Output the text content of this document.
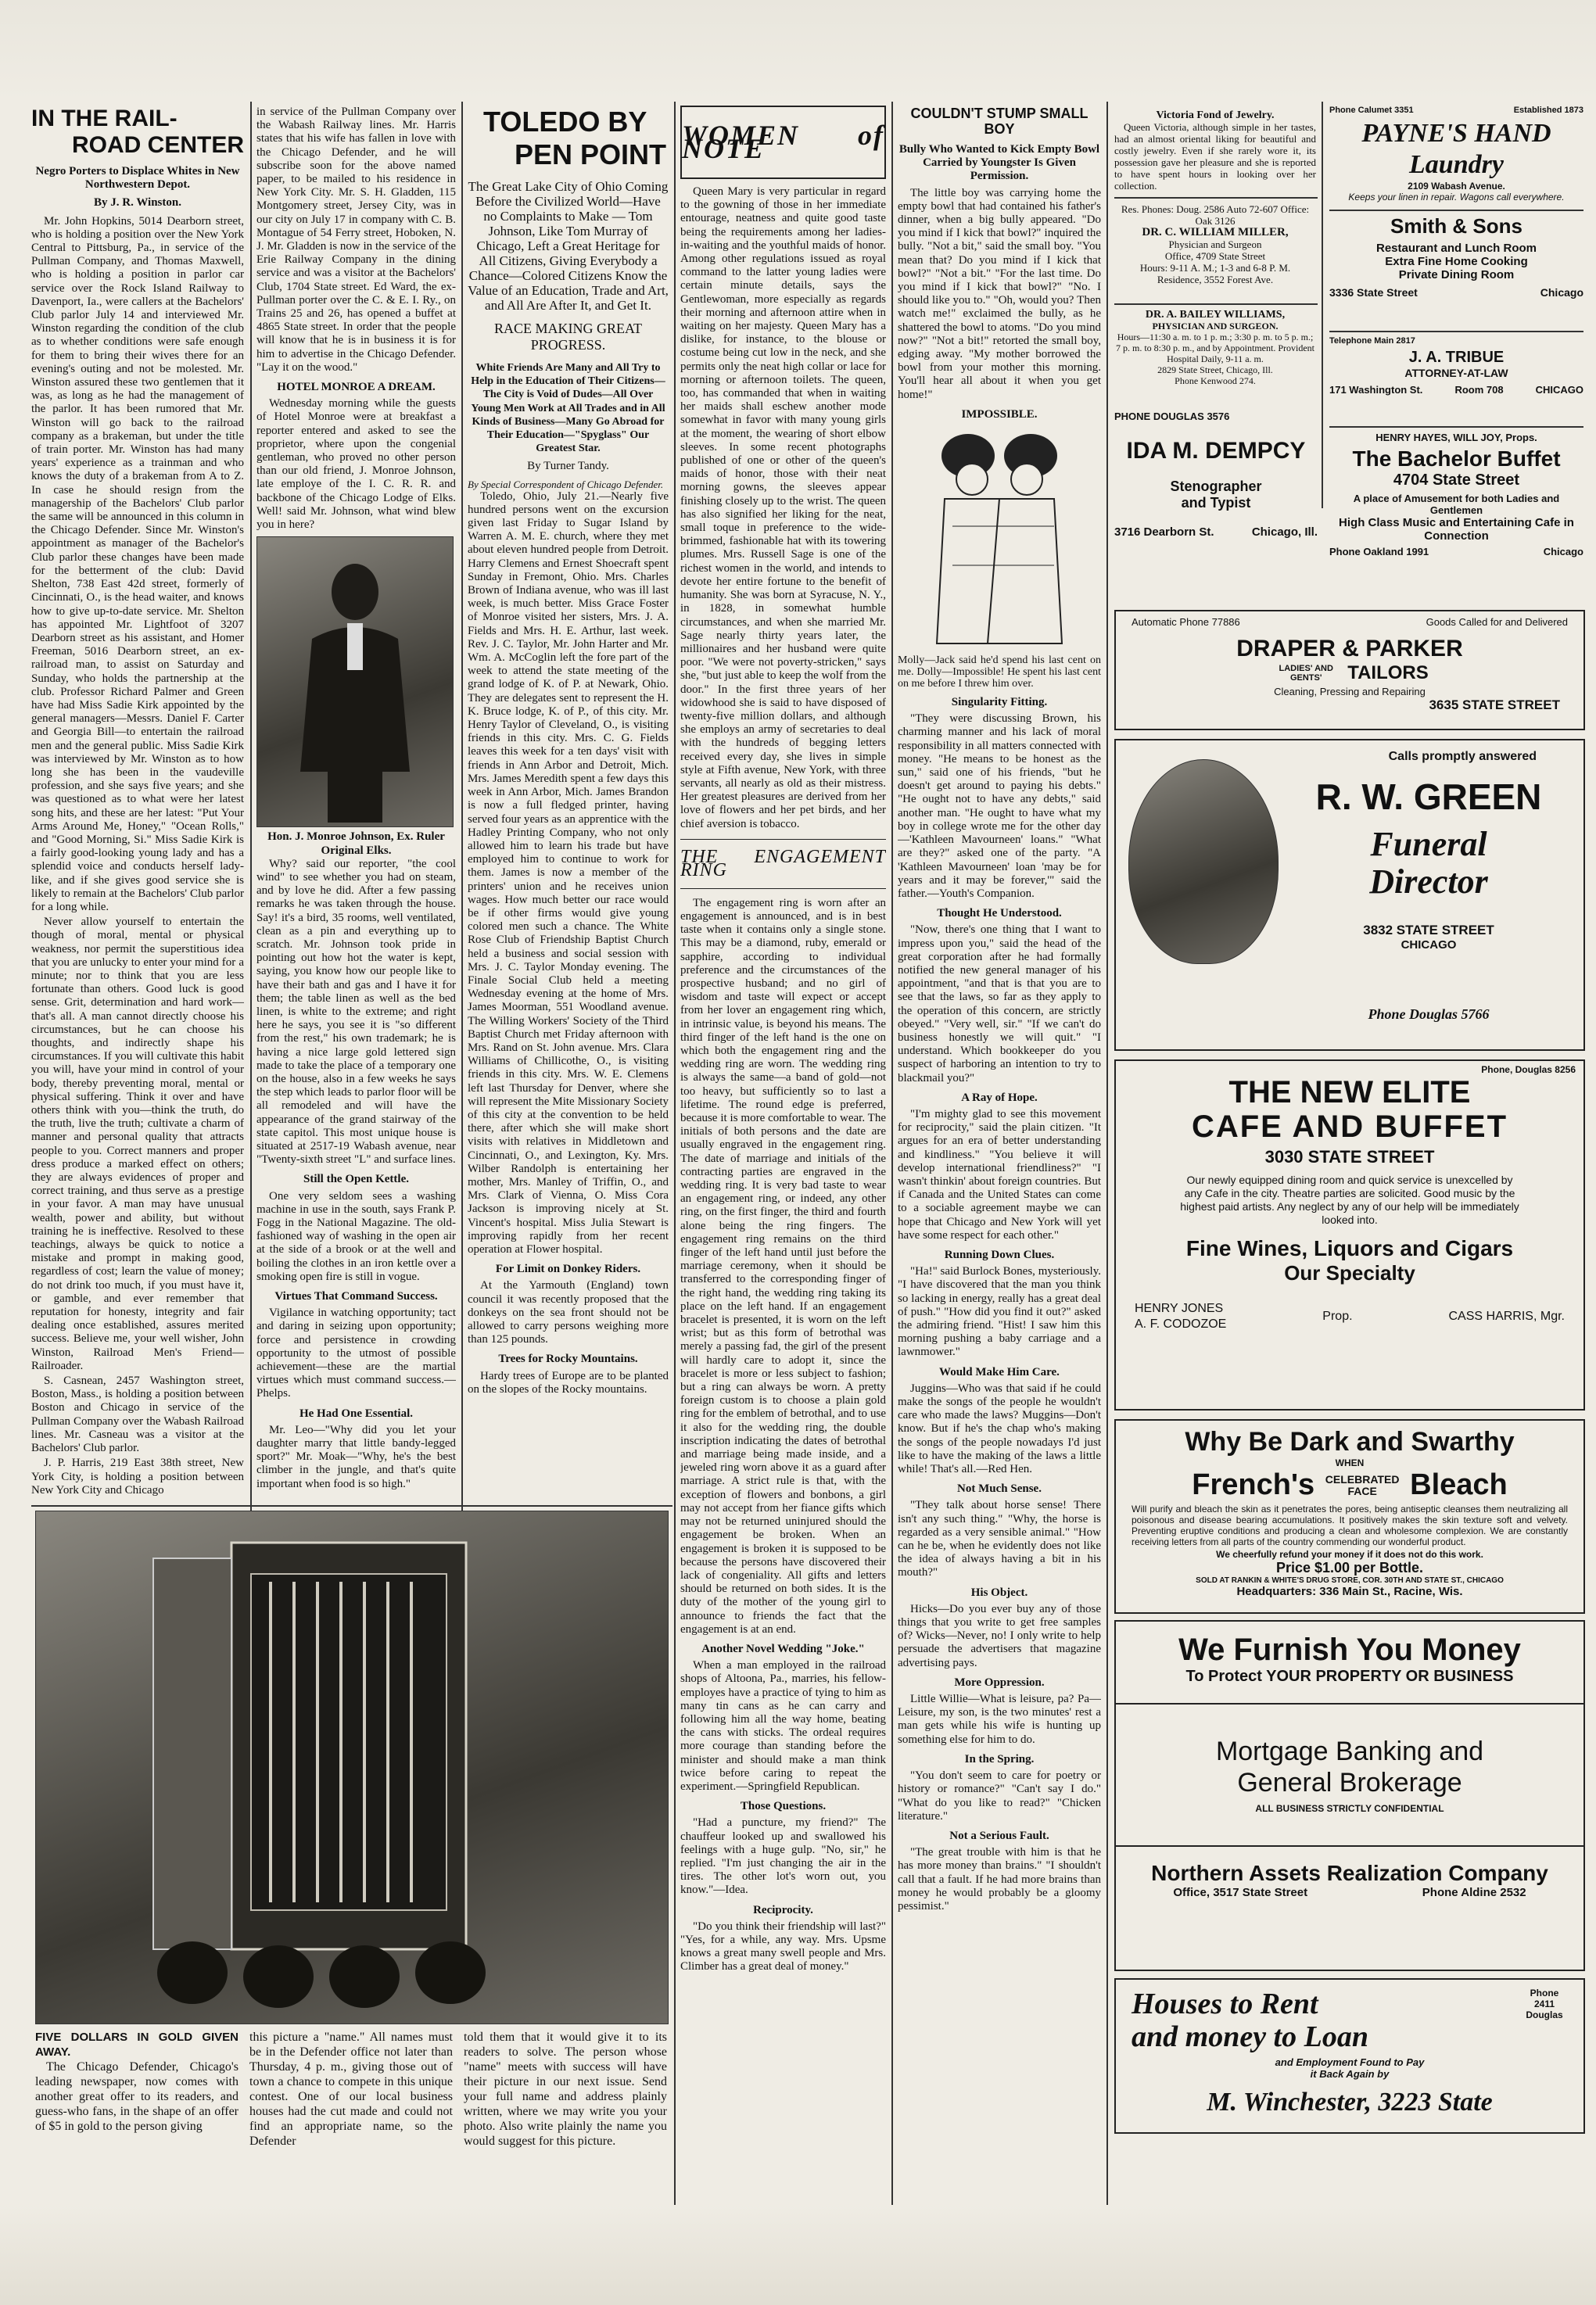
IN THE RAIL-
ROAD CENTER
Negro Porters to Displace Whites in New Northwestern Depot.
By J. R. Winston.

Mr. John Hopkins, 5014 Dearborn street, who is holding a position over the New York Central to Pittsburg, Pa., in service of the Pullman Company, and Thomas Maxwell, who is holding a position in parlor car service over the Rock Island Railway to Davenport, Ia., were callers at the Bachelors' Club parlor July 14 and interviewed Mr. Winston regarding the condition of the club as to whether conditions were safe enough for them to bring their wives there for an evening's outing and not be molested. Mr. Winston assured these two gentlemen that it was, as long as he had the management of the parlor. It has been rumored that Mr. Winston will go back to the railroad company as a brakeman, but under the title of train porter. Mr. Winston has had many years' experience as a trainman and who knows the duty of a brakeman from A to Z. In case he should resign from the managership of the Bachelors' Club parlor the same will be announced in this column in the Chicago Defender. Since Mr. Winston's appointment as manager of the Bachelor's Club parlor these changes have been made for the betterment of the club: David Shelton, 738 East 42d street, formerly of Cincinnati, O., is the head waiter, and knows how to give up-to-date service. Mr. Shelton has appointed Mr. Lightfoot of 3207 Dearborn street as his assistant, and Homer Freeman, 5016 Dearborn street, an ex-railroad man, to assist on Saturday and Sunday, who holds the partnership at the club. Professor Richard Palmer and Green have had Miss Sadie Kirk appointed by the general managers—Messrs. Daniel F. Carter and Georgia Bill—to entertain the railroad men and the general public. Miss Sadie Kirk was interviewed by Mr. Winston as to how long she has been in the vaudeville profession, and she says five years; and she was questioned as to what were her latest song hits, and these are her latest: "Put Your Arms Around Me, Honey," "Ocean Rolls," and "Good Morning, Si." Miss Sadie Kirk is a fairly good-looking young lady and has a splendid voice and conducts herself lady-like, and if she gives good service she is likely to remain at the Bachelors' Club parlor for a long while.

Never allow yourself to entertain the though of moral, mental or physical weakness, nor permit the superstitious idea that you are unlucky to enter your mind for a minute; nor to think that you are less fortunate than others. Good luck is good sense. Grit, determination and hard work—that's all. A man cannot directly choose his circumstances, but he can choose his thoughts, and indirectly shape his circumstances. If you will cultivate this habit you will, have your mind in control of your body, thereby preventing moral, mental or physical suffering. Think it over and have others think with you—think the truth, do the truth, live the truth; cultivate a charm of manner and personal quality that attracts people to you. Correct manners and proper dress produce a marked effect on others; they are always evidences of proper and correct training, and thus serve as a prestige in your favor. A man may have unusual wealth, power and ability, but without training he is ineffective. Resolved to these teachings, always be quick to notice a mistake and prompt in making good, regardless of cost; learn the value of money; do not drink too much, if you must have it, or gamble, and ever remember that reputation for honesty, integrity and fair dealing once established, assures merited success. Believe me, your well wisher, John Winston, Railroad Men's Friend—Railroader.

S. Casnean, 2457 Washington street, Boston, Mass., is holding a position between Boston and Chicago in service of the Pullman Company over the Wabash Railroad lines. Mr. Casneau was a visitor at the Bachelors' Club parlor.

J. P. Harris, 219 East 38th street, New York City, is holding a position between New York City and Chicago

in service of the Pullman Company over the Wabash Railway lines. Mr. Harris states that his wife has fallen in love with the Chicago Defender, and he will subscribe soon for the above named paper, to be mailed to his residence in New York City. Mr. S. H. Gladden, 115 Montgomery street, Jersey City, was in our city on July 17 in company with C. B. Montague of 54 Ferry street, Hoboken, N. J. Mr. Gladden is now in the service of the Erie Railway Company in the dining service and was a visitor at the Bachelors' Club, 1704 State street. Ed Ward, the ex-Pullman porter over the C. & E. I. Ry., on Trains 25 and 26, has opened a buffet at 4865 State street. In order that the people will know that he is in business it is for him to advertise in the Chicago Defender. "Lay it on the wood."

HOTEL MONROE A DREAM.

Wednesday morning while the guests of Hotel Monroe were at breakfast a reporter entered and asked to see the proprietor, where upon the congenial gentleman, who proved no other person than our old friend, J. Monroe Johnson, late employe of the I. C. R. R. and backbone of the Chicago Lodge of Elks. Well! said Mr. Johnson, what wind blew you in here?

Hon. J. Monroe Johnson, Ex. Ruler Original Elks.

Why? said our reporter, "the cool wind" to see whether you had on steam, and by love he did. After a few passing remarks he was taken through the house. Say! it's a bird, 35 rooms, well ventilated, clean as a pin and everything up to scratch. Mr. Johnson took pride in pointing out how hot the water is kept, saying, you know how our people like to have their bath and gas and I have it for them; the table linen as well as the bed linen, is white to the extreme; and right here he says, you see it is "so different from the rest," his own trademark; he is having a nice large gold lettered sign made to take the place of a temporary one on the house, also in a few weeks he says the step which leads to parlor floor will be all remodeled and will have the appearance of the grand stairway of the state capitol. This most unique house is situated at 2517-19 Wabash avenue, near "Twenty-sixth street "L" and surface lines.

Still the Open Kettle.

One very seldom sees a washing machine in use in the south, says Frank P. Fogg in the National Magazine. The old-fashioned way of washing in the open air at the side of a brook or at the well and boiling the clothes in an iron kettle over a smoking open fire is still in vogue.

Virtues That Command Success.

Vigilance in watching opportunity; tact and daring in seizing upon opportunity; force and persistence in crowding opportunity to the utmost of possible achievement—these are the martial virtues which must command success.—Phelps.

He Had One Essential.

Mr. Leo—"Why did you let your daughter marry that little bandy-legged sport?" Mr. Moak—"Why, he's the best climber in the jungle, and that's quite important when food is so high."

TOLEDO BY
PEN POINT
The Great Lake City of Ohio Coming Before the Civilized World—Have no Complaints to Make — Tom Johnson, Like Tom Murray of Chicago, Left a Great Heritage for All Citizens, Giving Everybody a Chance—Colored Citizens Know the Value of an Education, Trade and Art, and All Are After It, and Get It.
RACE MAKING GREAT PROGRESS.
White Friends Are Many and All Try to Help in the Education of Their Citizens—The City is Void of Dudes—All Over Young Men Work at All Trades and in All Kinds of Business—Many Go Abroad for Their Education—"Spyglass" Our Greatest Star.
By Turner Tandy.
By Special Correspondent of Chicago Defender.

Toledo, Ohio, July 21.—Nearly five hundred persons went on the excursion given last Friday to Sugar Island by Warren A. M. E. church, where they met about eleven hundred people from Detroit. Harry Clemens and Ernest Shoecraft spent Sunday in Fremont, Ohio. Mrs. Charles Brown of Indiana avenue, who was ill last week, is much better. Miss Grace Foster of Monroe visited her sisters, Mrs. J. A. Fields and Mrs. H. E. Arthur, last week. Rev. J. C. Taylor, Mr. John Harter and Mr. Wm. A. McCoglin left the fore part of the week to attend the state meeting of the grand lodge of K. of P. at Newark, Ohio. They are delegates sent to represent the H. K. Bruce lodge, K. of P., of this city. Mr. Henry Taylor of Cleveland, O., is visiting friends in this city. Mrs. C. G. Fields leaves this week for a ten days' visit with friends in Ann Arbor and Detroit, Mich. Mrs. James Meredith spent a few days this week in Ann Arbor, Mich. James Brandon is now a full fledged printer, having served four years as an apprentice with the Hadley Printing Company, who not only allowed him to learn his trade but have employed him to continue to work for them. James is now a member of the printers' union and he receives union wages. How much better our race would be if other firms would give young colored men such a chance. The White Rose Club of Friendship Baptist Church held a business and social session with Mrs. J. C. Taylor Monday evening. The Finale Social Club held a meeting Wednesday evening at the home of Mrs. James Moorman, 551 Woodland avenue. The Willing Workers' Society of the Third Baptist Church met Friday afternoon with Mrs. Rand on St. John avenue. Mrs. Clara Williams of Chillicothe, O., is visiting friends in this city. Mrs. W. E. Clemens left last Thursday for Denver, where she will represent the Mite Missionary Society of this city at the convention to be held there, after which she will make short visits with relatives in Middletown and Cincinnati, O., and Lexington, Ky. Mrs. Wilber Randolph is entertaining her mother, Mrs. Manley of Triffin, O., and Mrs. Clark of Vienna, O. Miss Cora Jackson is improving nicely at St. Vincent's hospital. Miss Julia Stewart is improving rapidly from her recent operation at Flower hospital.

For Limit on Donkey Riders.

At the Yarmouth (England) town council it was recently proposed that the donkeys on the sea front should not be allowed to carry persons weighing more than 125 pounds.

Trees for Rocky Mountains.

Hardy trees of Europe are to be planted on the slopes of the Rocky mountains.

WOMEN of NOTE

Queen Mary is very particular in regard to the gowning of those in her immediate entourage, neatness and quite good taste being the requirements among her ladies-in-waiting and the youthful maids of honor. Among other regulations issued as royal command to the latter young ladies were certain minute details, says the Gentlewoman, more especially as regards their morning and afternoon attire when in waiting on her majesty. Queen Mary has a dislike, for instance, to the blouse or costume being cut low in the neck, and she permits only the neat high collar or lace for morning or afternoon toilets. The queen, too, has commanded that when in waiting her maids shall eschew another mode somewhat in favor with many young girls at the moment, the wearing of short elbow sleeves. In some recent photographs published of one or other of the queen's maids of honor, those with their neat morning gowns, the sleeves appear finishing closely up to the wrist. The queen has also signified her liking for the neat, small toque in preference to the wide-brimmed, fashionable hat with its towering plumes. Mrs. Russell Sage is one of the richest women in the world, and intends to devote her entire fortune to the benefit of humanity. She was born at Syracuse, N. Y., in 1828, in somewhat humble circumstances, and when she married Mr. Sage nearly thirty years later, the millionaires and her husband were quite poor. "We were not poverty-stricken," says she, "but just able to keep the wolf from the door." In the first three years of her widowhood she is said to have disposed of twenty-five million dollars, and although she employs an army of secretaries to deal with the hundreds of begging letters received every day, she lives in simple style at Fifth avenue, New York, with three servants, all nearly as old as their mistress. Her greatest pleasures are derived from her love of flowers and her pet birds, and her chief aversion is tobacco.

THE ENGAGEMENT RING

The engagement ring is worn after an engagement is announced, and is in best taste when it contains only a single stone. This may be a diamond, ruby, emerald or sapphire, according to individual preference and the circumstances of the prospective husband; and no girl of wisdom and taste will expect or accept from her lover an engagement ring which, in intrinsic value, is beyond his means. The third finger of the left hand is the one on which both the engagement ring and the wedding ring are worn. The wedding ring is always the same—a band of gold—not too heavy, but sufficiently so to last a lifetime. The round edge is preferred, because it is more comfortable to wear. The initials of both persons and the date are usually engraved in the engagement ring. The date of marriage and initials of the contracting parties are engraved in the wedding ring. It is very bad taste to wear an engagement ring, or indeed, any other ring, on the first finger, the third and fourth alone being the ring fingers. The engagement ring remains on the third finger of the left hand until just before the marriage ceremony, when it should be transferred to the corresponding finger of the right hand, the wedding ring taking its place on the left hand. If an engagement bracelet is presented, it is worn on the left wrist; but as this form of betrothal was merely a passing fad, the girl of the present will hardly care to adopt it, since the bracelet is more or less subject to fashion; but a ring can always be worn. A pretty foreign custom is to choose a plain gold ring for the emblem of betrothal, and to use it also for the wedding ring, the double inscription indicating the dates of betrothal and marriage being made inside, and a jeweled ring worn above it as a guard after marriage. A strict rule is that, with the exception of flowers and bonbons, a girl may not accept from her fiance gifts which may not be returned uninjured should the engagement be broken. When an engagement is broken it is supposed to be because the persons have discovered their lack of congeniality. All gifts and letters should be returned on both sides. It is the duty of the mother of the young girl to announce to friends the fact that the engagement is at an end.

Another Novel Wedding "Joke."

When a man employed in the railroad shops of Altoona, Pa., marries, his fellow-employes have a practice of tying to him as many tin cans as he can carry and following him all the way home, beating the cans with sticks. The ordeal requires more courage than standing before the minister and should make a man think twice before caring to repeat the experiment.—Springfield Republican.

Those Questions.

"Had a puncture, my friend?" The chauffeur looked up and swallowed his feelings with a huge gulp. "No, sir," he replied. "I'm just changing the air in the tires. The other lot's worn out, you know."—Idea.

Reciprocity.

"Do you think their friendship will last?" "Yes, for a while, any way. Mrs. Upsme knows a great many swell people and Mrs. Climber has a great deal of money."

COULDN'T STUMP SMALL BOY
Bully Who Wanted to Kick Empty Bowl Carried by Youngster Is Given Permission.

The little boy was carrying home the empty bowl that had contained his father's dinner, when a big bully appeared. "Do you mind if I kick that bowl?" inquired the bully. "Not a bit," said the small boy. "You mean that? Do you mind if I kick that bowl?" "Not a bit." "For the last time. Do you mind if I kick that bowl?" "No. I should like you to." "Oh, would you? Then watch me!" exclaimed the bully, as he shattered the bowl to atoms. "Do you mind now?" "Not a bit!" retorted the small boy, edging away. "My mother borrowed the bowl from your mother this morning. You'll hear all about it when you get home!"

IMPOSSIBLE.
Molly—Jack said he'd spend his last cent on me. Dolly—Impossible! He spent his last cent on me before I threw him over.
Singularity Fitting.

"They were discussing Brown, his charming manner and his lack of moral responsibility in all matters connected with money. "He means to be honest as the sun," said one of his friends, "but he doesn't get around to paying his debts." "He ought not to have any debts," said another man. "He ought to have what my boy in college wrote me for the other day—'Kathleen Mavourneen' loans." "What are they?" asked one of the party. "A 'Kathleen Mavourneen' loan 'may be for years and it may be forever,'" said the father.—Youth's Companion.

Thought He Understood.

"Now, there's one thing that I want to impress upon you," said the head of the great corporation after he had formally notified the new general manager of his appointment, "and that is that you are to see that the laws, so far as they apply to the operation of this concern, are strictly obeyed." "Very well, sir." "If we can't do business honestly we will quit." "I understand. Which bookkeeper do you suspect of harboring an intention to try to blackmail you?"

A Ray of Hope.

"I'm mighty glad to see this movement for reciprocity," said the plain citizen. "It argues for an era of better understanding and kindliness." "You believe it will develop international friendliness?" "I wasn't thinkin' about foreign countries. But if Canada and the United States can come to a sociable agreement maybe we can hope that Chicago and New York will yet have some respect for each other."

Running Down Clues.

"Ha!" said Burlock Bones, mysteriously. "I have discovered that the man you think so lacking in energy, really has a great deal of push." "How did you find it out?" asked the admiring friend. "Hist! I saw him this morning pushing a baby carriage and a lawnmower."

Would Make Him Care.

Juggins—Who was that said if he could make the songs of the people he wouldn't care who made the laws? Muggins—Don't know. But if he's the chap who's making the songs of the people nowadays I'd just like to have the making of the laws a little while! That's all.—Red Hen.

Not Much Sense.

"They talk about horse sense! There isn't any such thing." "Why, the horse is regarded as a very sensible animal." "How can he be, when he evidently does not like the idea of always having a bit in his mouth?"

His Object.

Hicks—Do you ever buy any of those things that you write to get free samples of? Wicks—Never, no! I only write to help persuade the advertisers that magazine advertising pays.

More Oppression.

Little Willie—What is leisure, pa? Pa—Leisure, my son, is the two minutes' rest a man gets while his wife is hunting up something else for him to do.

In the Spring.

"You don't seem to care for poetry or history or romance?" "Can't say I do." "What do you like to read?" "Chicken literature."

Not a Serious Fault.

"The great trouble with him is that he has more money than brains." "I shouldn't call that a fault. If he had more brains than money he would probably be a gloomy pessimist."

Victoria Fond of Jewelry.
Queen Victoria, although simple in her tastes, had an almost oriental liking for beautiful and costly jewelry. Even if she rarely wore it, its possession gave her pleasure and she is reported to have spent hours in looking over her collection.
Res. Phones: Doug. 2586 Auto 72-607 Office: Oak 3126
DR. C. WILLIAM MILLER,
Physician and Surgeon
Office, 4709 State Street
Hours: 9-11 A. M.; 1-3 and 6-8 P. M.
Residence, 3552 Forest Ave.
DR. A. BAILEY WILLIAMS,
PHYSICIAN AND SURGEON.
Hours—11:30 a. m. to 1 p. m.; 3:30 p. m. to 5 p. m.; 7 p. m. to 8:30 p. m., and by Appointment. Provident Hospital Daily, 9-11 a. m.
2829 State Street, Chicago, Ill.
Phone Kenwood 274.
PHONE DOUGLAS 3576
IDA M. DEMPCY
Stenographer
and Typist
3716 Dearborn St.	Chicago, Ill.
Phone Calumet 3351	Established 1873
PAYNE'S HAND Laundry
2109 Wabash Avenue.
Keeps your linen in repair. Wagons call everywhere.
Smith & Sons
Restaurant and Lunch Room
Extra Fine Home Cooking
Private Dining Room
3336 State Street	Chicago
Telephone Main 2817
J. A. TRIBUE
ATTORNEY-AT-LAW
171 Washington St.	Room 708	CHICAGO
HENRY HAYES, WILL JOY, Props.
The Bachelor Buffet
4704 State Street
A place of Amusement for both Ladies and Gentlemen
High Class Music and Entertaining Cafe in Connection
Phone Oakland 1991	Chicago
Automatic Phone 77886	Goods Called for and Delivered
DRAPER & PARKER
LADIES' AND GENTS'	TAILORS
Cleaning, Pressing and Repairing
3635 STATE STREET
Calls promptly answered
R. W. GREEN
Funeral
Director
3832 STATE STREET
CHICAGO
Phone Douglas 5766
Phone, Douglas 8256
THE NEW ELITE
CAFE AND BUFFET
3030 STATE STREET
Our newly equipped dining room and quick service is unexcelled by any Cafe in the city. Theatre parties are solicited. Good music by the highest paid artists. Any neglect by any of our help will be immediately looked into.
Fine Wines, Liquors and Cigars
Our Specialty
HENRY JONES
A. F. CODOZOE
Prop.	CASS HARRIS, Mgr.
Why Be Dark and Swarthy
WHEN
French's CELEBRATED FACE	Bleach
Will purify and bleach the skin as it penetrates the pores, being antiseptic cleanses them neutralizing all poisonous and disease bearing accumulations. It positively makes the skin texture soft and velvety. Preventing eruptive conditions and producing a clean and wholesome complexion. We are constantly receiving letters from all parts of the country commending our wonderful product.
We cheerfully refund your money if it does not do this work.
Price $1.00 per Bottle.
SOLD AT RANKIN & WHITE'S DRUG STORE, COR. 30TH AND STATE ST., CHICAGO
Headquarters: 336 Main St., Racine, Wis.
We Furnish You Money
To Protect YOUR PROPERTY OR BUSINESS
Mortgage Banking and
General Brokerage
ALL BUSINESS STRICTLY CONFIDENTIAL
Northern Assets Realization Company
Office, 3517 State Street	Phone Aldine 2532
Houses to Rent
and money to Loan
Phone 2411 Douglas
and Employment Found to Pay it Back Again by
M. Winchester, 3223 State
FIVE DOLLARS IN GOLD GIVEN AWAY.
The Chicago Defender, Chicago's leading newspaper, now comes with another great offer to its readers, and guess-who fans, in the shape of an offer of $5 in gold to the person giving
this picture a "name." All names must be in the Defender office not later than Thursday, 4 p. m., giving those out of town a chance to compete in this unique contest. One of our local business houses had the cut made and could not find an appropriate name, so the Defender
told them that it would give it to its readers to solve. The person whose "name" meets with success will have their picture in our next issue. Send your full name and address plainly written, where we may write you your photo. Also write plainly the name you would suggest for this picture.
